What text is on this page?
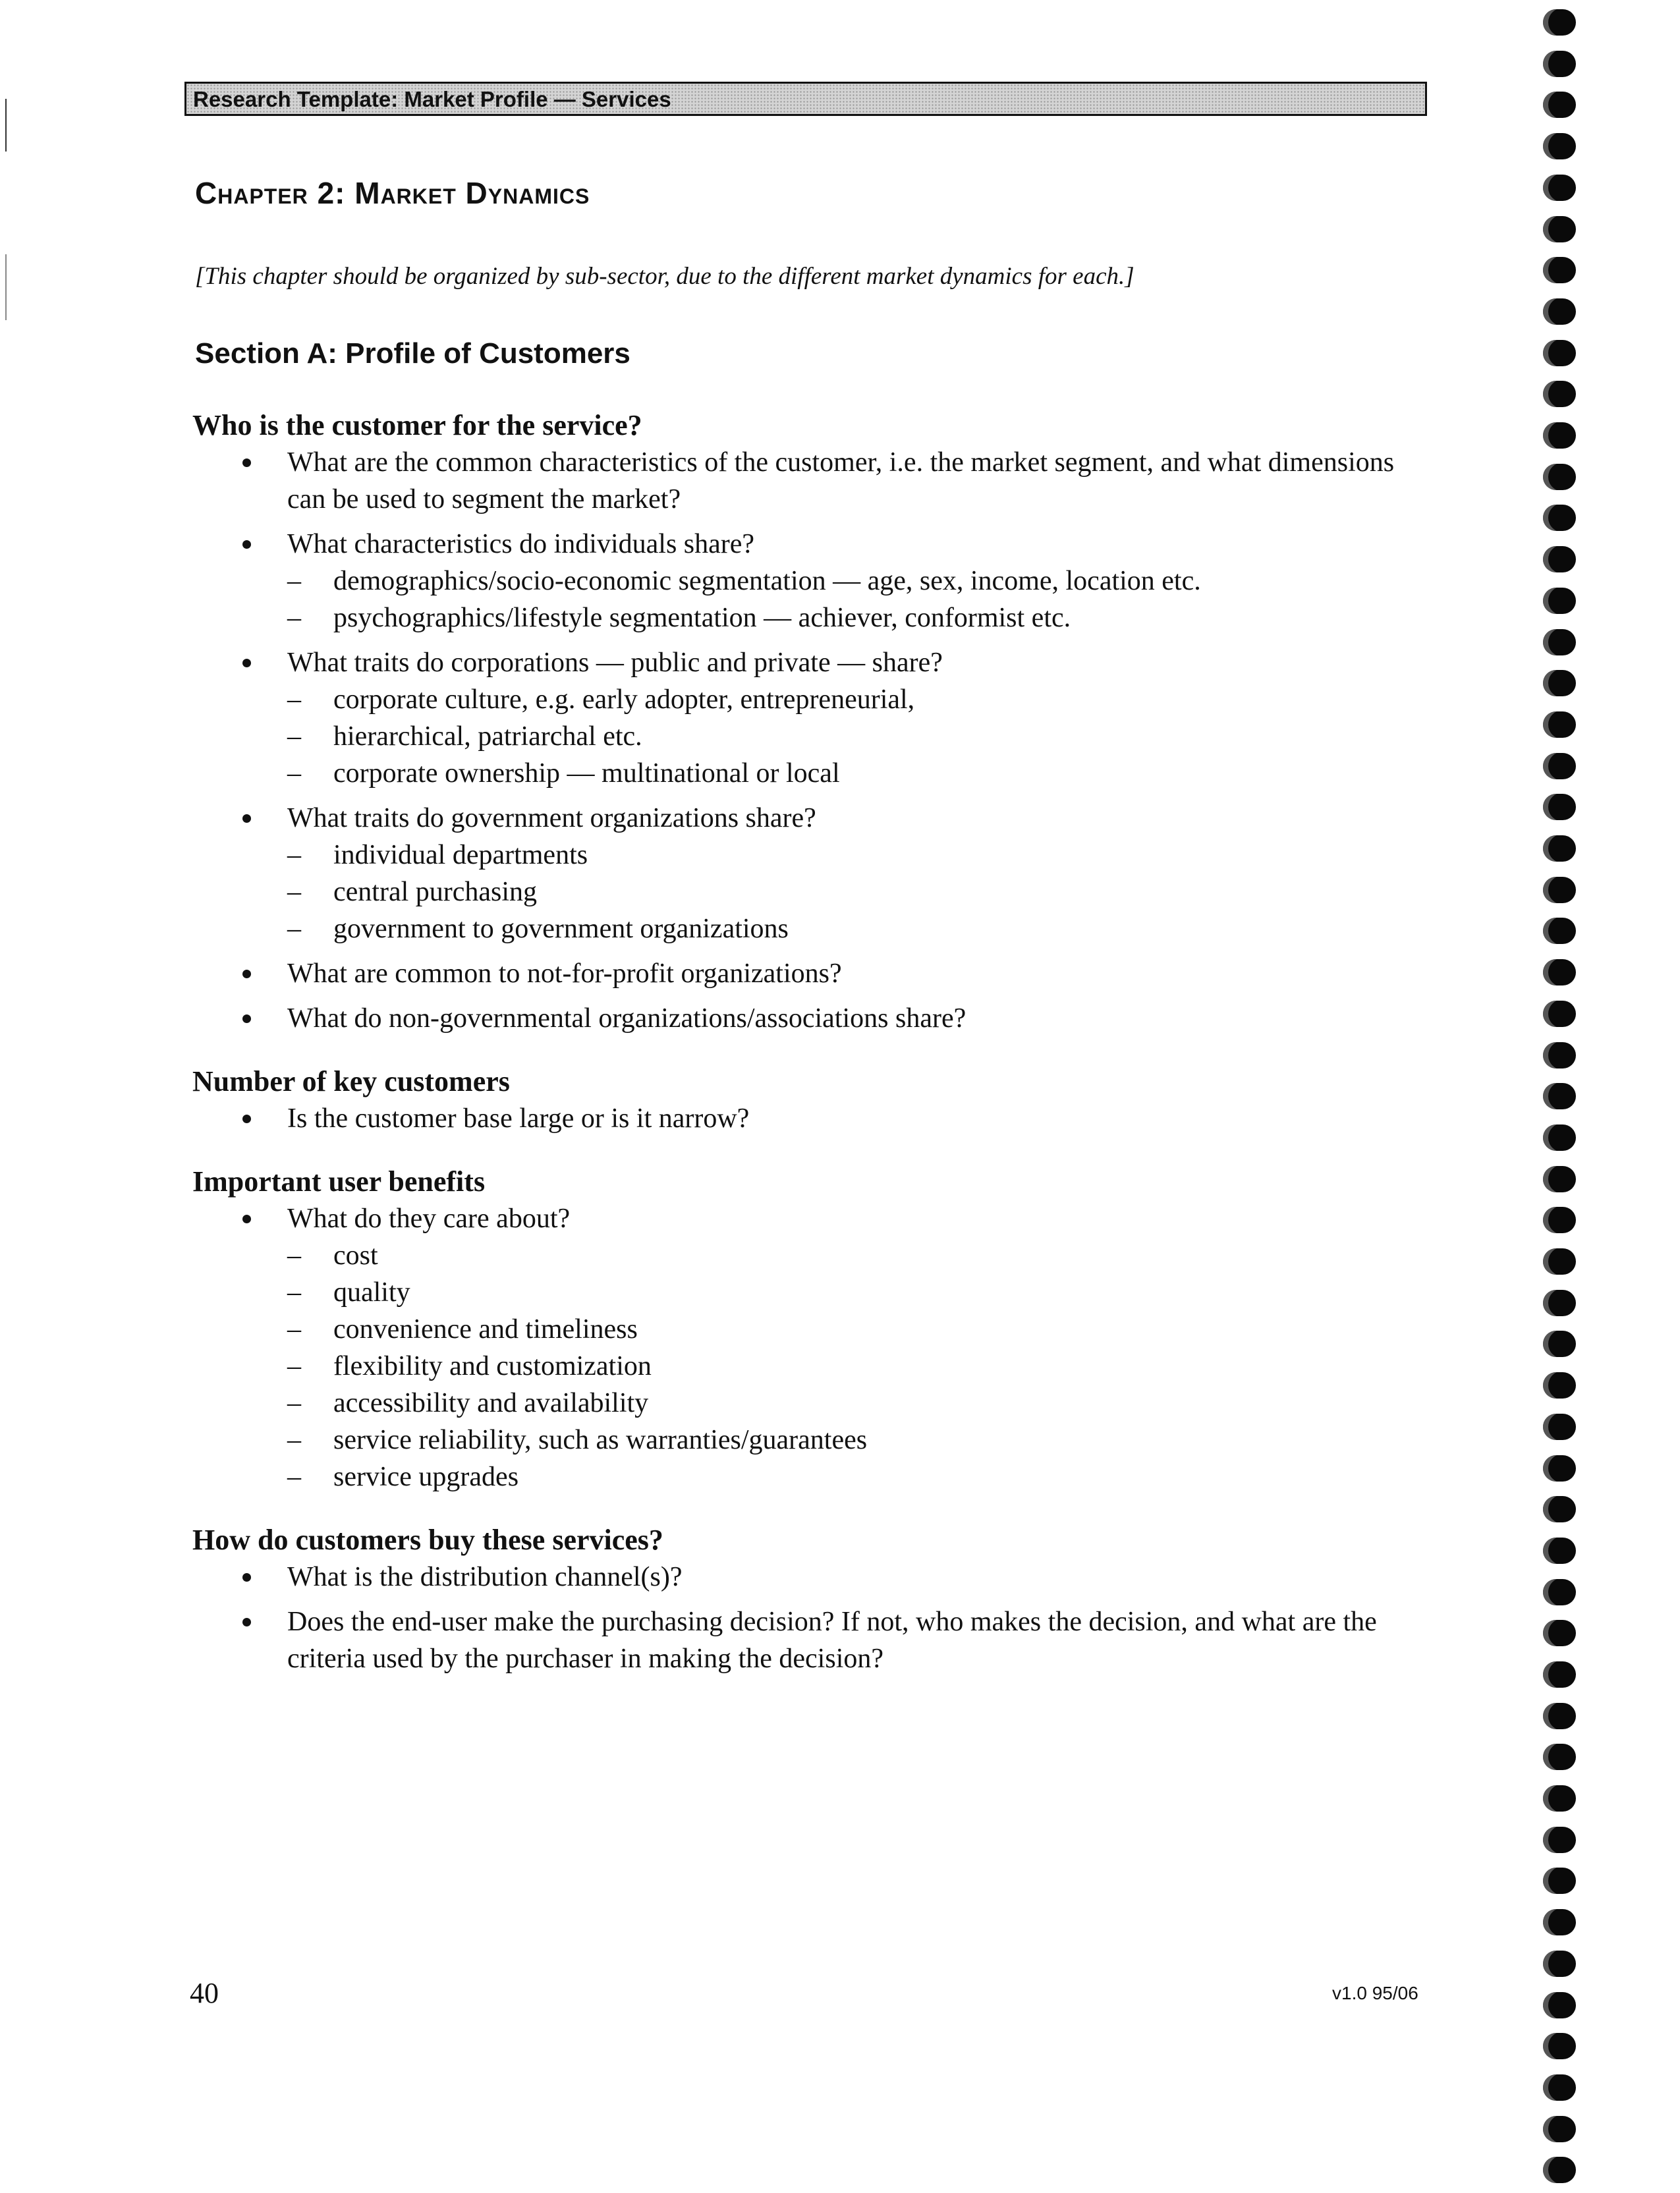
Research Template: Market Profile — Services
Chapter 2: Market Dynamics
[This chapter should be organized by sub-sector, due to the different market dynamics for each.]
Section A: Profile of Customers

Who is the customer for the service?

What are the common characteristics of the customer, i.e. the market segment, and what dimensions can be used to segment the market?
What characteristics do individuals share?
– demographics/socio-economic segmentation — age, sex, income, location etc.
– psychographics/lifestyle segmentation — achiever, conformist etc.
What traits do corporations — public and private — share?
– corporate culture, e.g. early adopter, entrepreneurial,
– hierarchical, patriarchal etc.
– corporate ownership — multinational or local
What traits do government organizations share?
– individual departments
– central purchasing
– government to government organizations
What are common to not-for-profit organizations?
What do non-governmental organizations/associations share?

Number of key customers

Is the customer base large or is it narrow?

Important user benefits

What do they care about?
– cost
– quality
– convenience and timeliness
– flexibility and customization
– accessibility and availability
– service reliability, such as warranties/guarantees
– service upgrades

How do customers buy these services?

What is the distribution channel(s)?
Does the end-user make the purchasing decision? If not, who makes the decision, and what are the criteria used by the purchaser in making the decision?
40	v1.0 95/06
